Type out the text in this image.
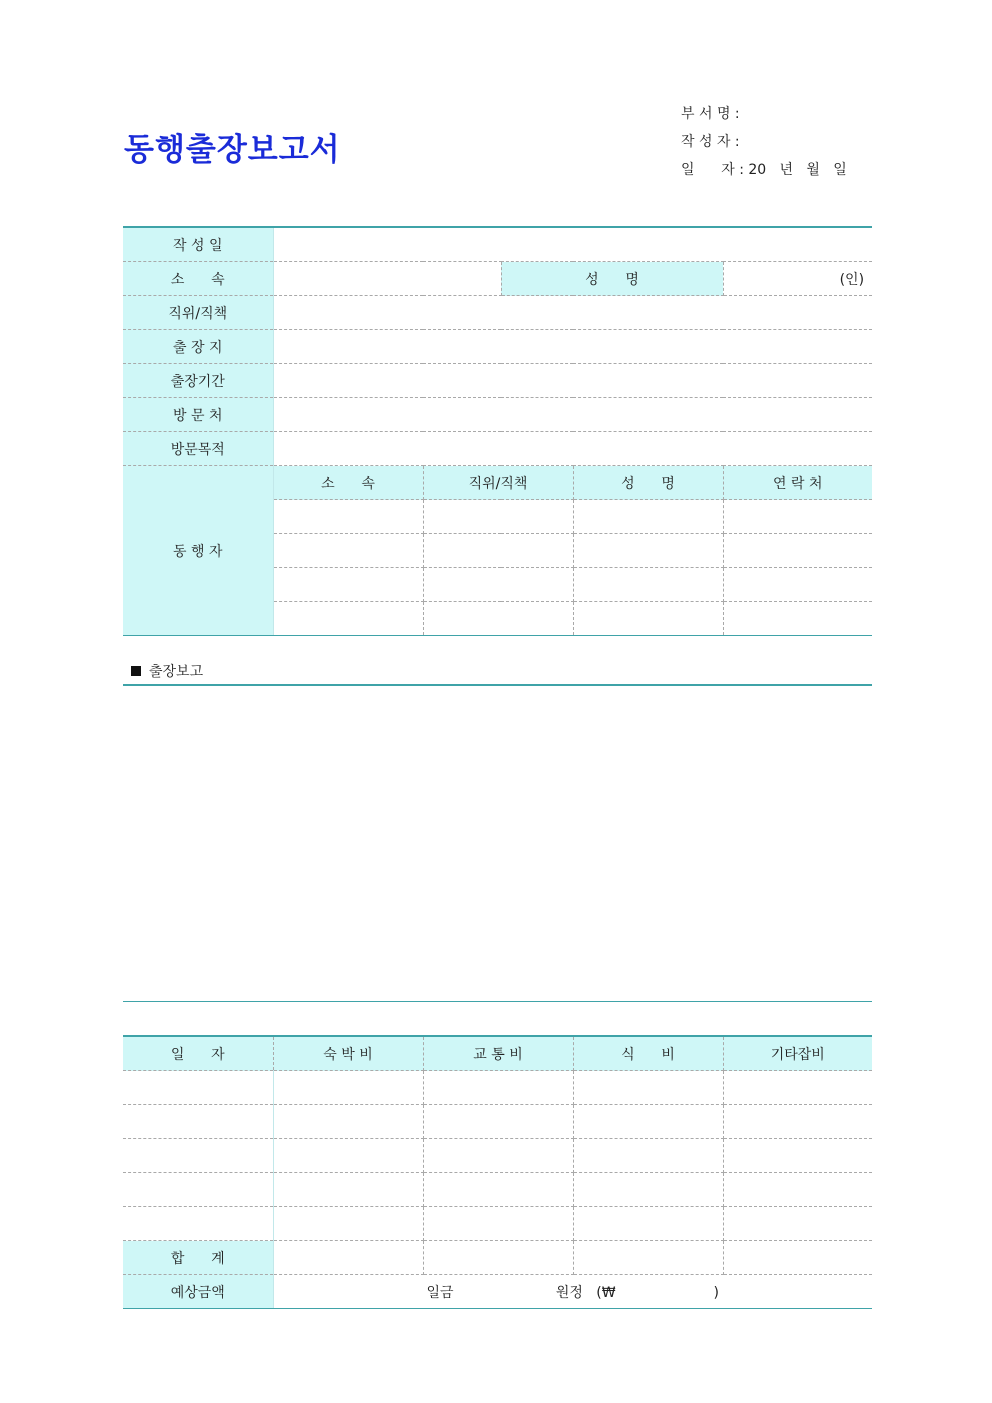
동행출장보고서
부 서 명 :
작 성 자 :
일      자 : 20   년   월   일
작 성 일					
소      속			성      명		(인)
직위/직책					
출 장 지					
출장기간					
방 문 처					
방문목적					
동 행 자	소      속	직위/직책		성      명	연 락 처

출장보고
일      자	숙 박 비	교 통 비	식      비	기타잡비

합      계				
예상금액	일금                       원정   (₩                      )			
